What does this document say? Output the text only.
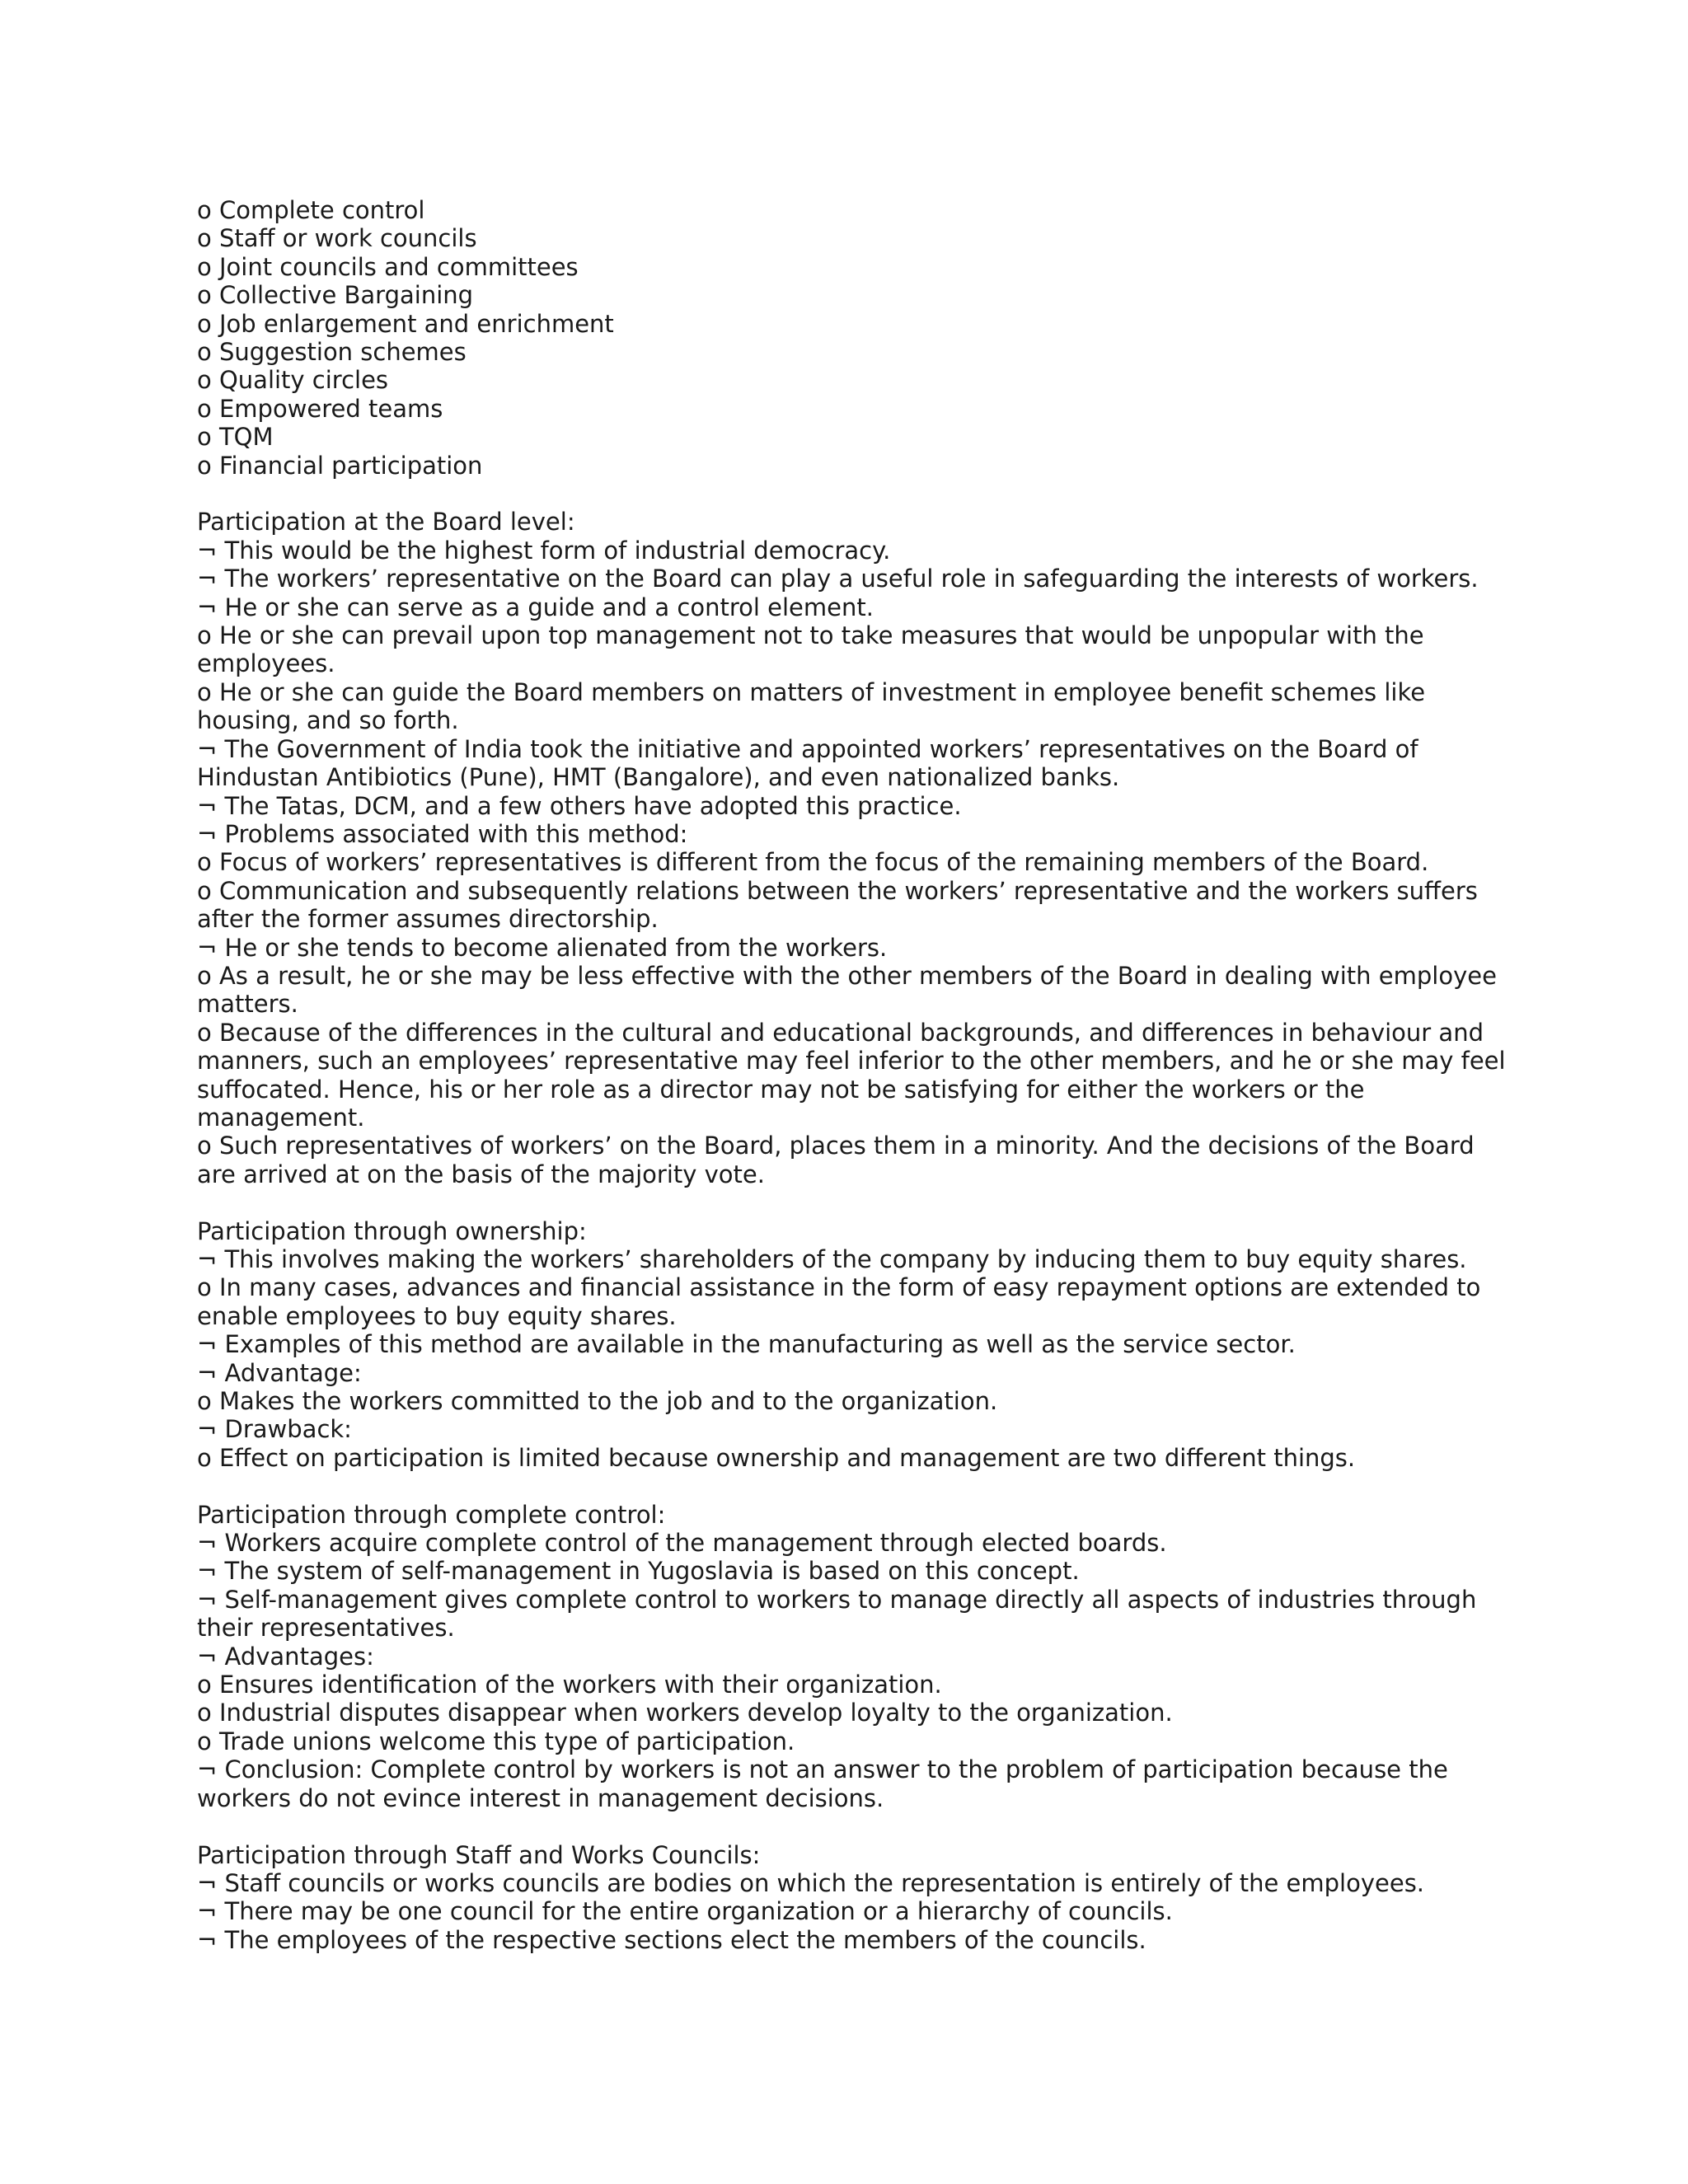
o Complete control

o Staff or work councils

o Joint councils and committees

o Collective Bargaining

o Job enlargement and enrichment

o Suggestion schemes

o Quality circles

o Empowered teams

o TQM

o Financial participation

Participation at the Board level:

¬ This would be the highest form of industrial democracy.

¬ The workers’ representative on the Board can play a useful role in safeguarding the interests of workers.

¬ He or she can serve as a guide and a control element.

o He or she can prevail upon top management not to take measures that would be unpopular with the

employees.

o He or she can guide the Board members on matters of investment in employee benefit schemes like

housing, and so forth.

¬ The Government of India took the initiative and appointed workers’ representatives on the Board of

Hindustan Antibiotics (Pune), HMT (Bangalore), and even nationalized banks.

¬ The Tatas, DCM, and a few others have adopted this practice.

¬ Problems associated with this method:

o Focus of workers’ representatives is different from the focus of the remaining members of the Board.

o Communication and subsequently relations between the workers’ representative and the workers suffers

after the former assumes directorship.

¬ He or she tends to become alienated from the workers.

o As a result, he or she may be less effective with the other members of the Board in dealing with employee

matters.

o Because of the differences in the cultural and educational backgrounds, and differences in behaviour and

manners, such an employees’ representative may feel inferior to the other members, and he or she may feel

suffocated. Hence, his or her role as a director may not be satisfying for either the workers or the

management.

o Such representatives of workers’ on the Board, places them in a minority. And the decisions of the Board

are arrived at on the basis of the majority vote.

Participation through ownership:

¬ This involves making the workers’ shareholders of the company by inducing them to buy equity shares.

o In many cases, advances and financial assistance in the form of easy repayment options are extended to

enable employees to buy equity shares.

¬ Examples of this method are available in the manufacturing as well as the service sector.

¬ Advantage:

o Makes the workers committed to the job and to the organization.

¬ Drawback:

o Effect on participation is limited because ownership and management are two different things.

Participation through complete control:

¬ Workers acquire complete control of the management through elected boards.

¬ The system of self-management in Yugoslavia is based on this concept.

¬ Self-management gives complete control to workers to manage directly all aspects of industries through

their representatives.

¬ Advantages:

o Ensures identification of the workers with their organization.

o Industrial disputes disappear when workers develop loyalty to the organization.

o Trade unions welcome this type of participation.

¬ Conclusion: Complete control by workers is not an answer to the problem of participation because the

workers do not evince interest in management decisions.

Participation through Staff and Works Councils:

¬ Staff councils or works councils are bodies on which the representation is entirely of the employees.

¬ There may be one council for the entire organization or a hierarchy of councils.

¬ The employees of the respective sections elect the members of the councils.
